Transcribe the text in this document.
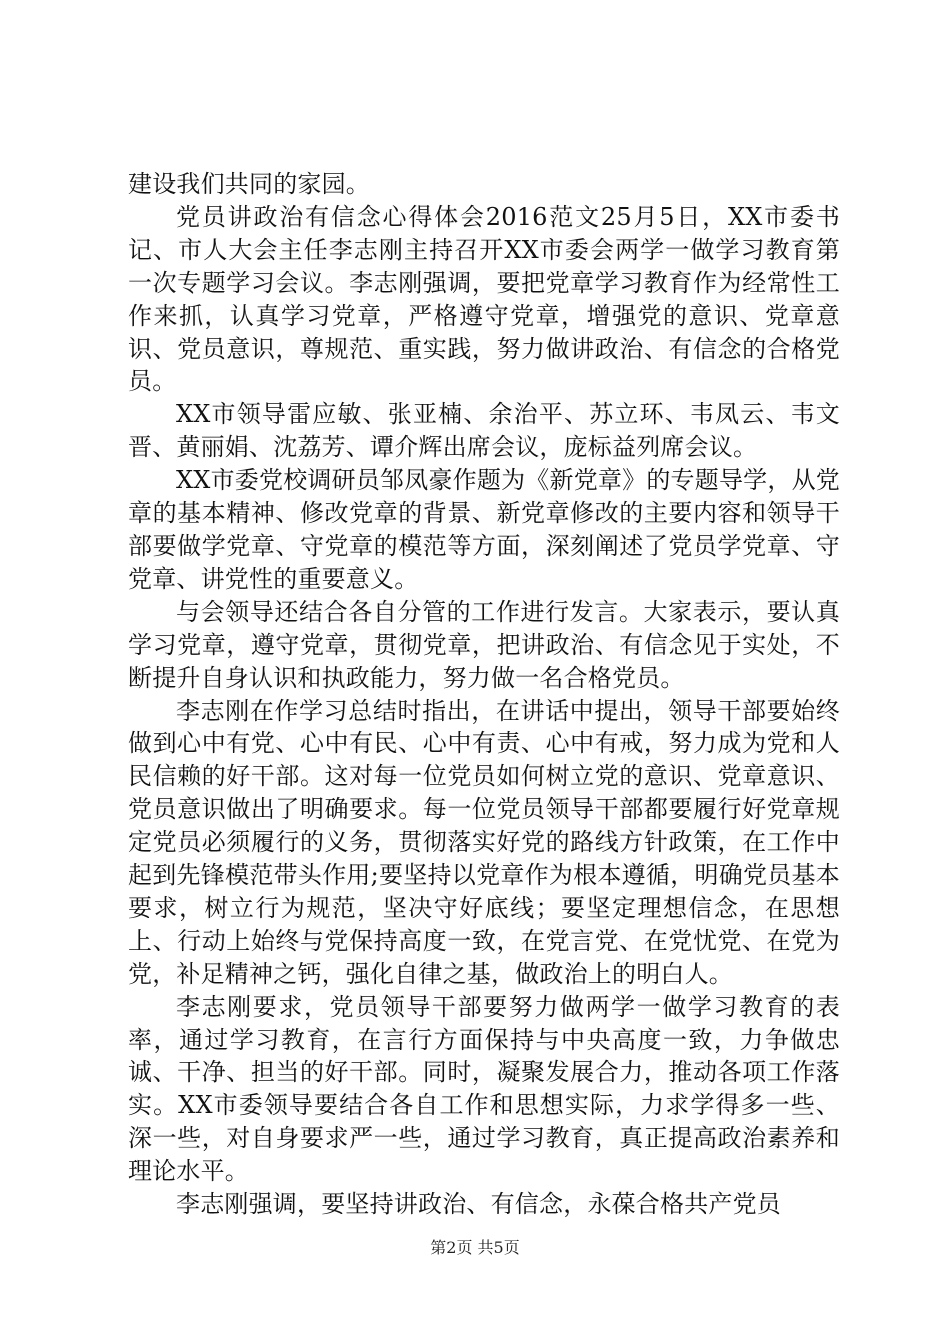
建设我们共同的家园。

党员讲政治有信念心得体会2016范文25月5日，XX市委书记、市人大会主任李志刚主持召开XX市委会两学一做学习教育第一次专题学习会议。李志刚强调，要把党章学习教育作为经常性工作来抓，认真学习党章，严格遵守党章，增强党的意识、党章意识、党员意识，尊规范、重实践，努力做讲政治、有信念的合格党员。

XX市领导雷应敏、张亚楠、余治平、苏立环、韦凤云、韦文晋、黄丽娟、沈荔芳、谭介辉出席会议，庞标益列席会议。

XX市委党校调研员邹凤豪作题为《新党章》的专题导学，从党章的基本精神、修改党章的背景、新党章修改的主要内容和领导干部要做学党章、守党章的模范等方面，深刻阐述了党员学党章、守党章、讲党性的重要意义。

与会领导还结合各自分管的工作进行发言。大家表示，要认真学习党章，遵守党章，贯彻党章，把讲政治、有信念见于实处，不断提升自身认识和执政能力，努力做一名合格党员。

李志刚在作学习总结时指出，在讲话中提出，领导干部要始终做到心中有党、心中有民、心中有责、心中有戒，努力成为党和人民信赖的好干部。这对每一位党员如何树立党的意识、党章意识、党员意识做出了明确要求。每一位党员领导干部都要履行好党章规定党员必须履行的义务，贯彻落实好党的路线方针政策，在工作中起到先锋模范带头作用;要坚持以党章作为根本遵循，明确党员基本要求，树立行为规范，坚决守好底线；要坚定理想信念，在思想上、行动上始终与党保持高度一致，在党言党、在党忧党、在党为党，补足精神之钙，强化自律之基，做政治上的明白人。

李志刚要求，党员领导干部要努力做两学一做学习教育的表率，通过学习教育，在言行方面保持与中央高度一致，力争做忠诚、干净、担当的好干部。同时，凝聚发展合力，推动各项工作落实。XX市委领导要结合各自工作和思想实际，力求学得多一些、深一些，对自身要求严一些，通过学习教育，真正提高政治素养和理论水平。

李志刚强调，要坚持讲政治、有信念，永葆合格共产党员

第2页 共5页
